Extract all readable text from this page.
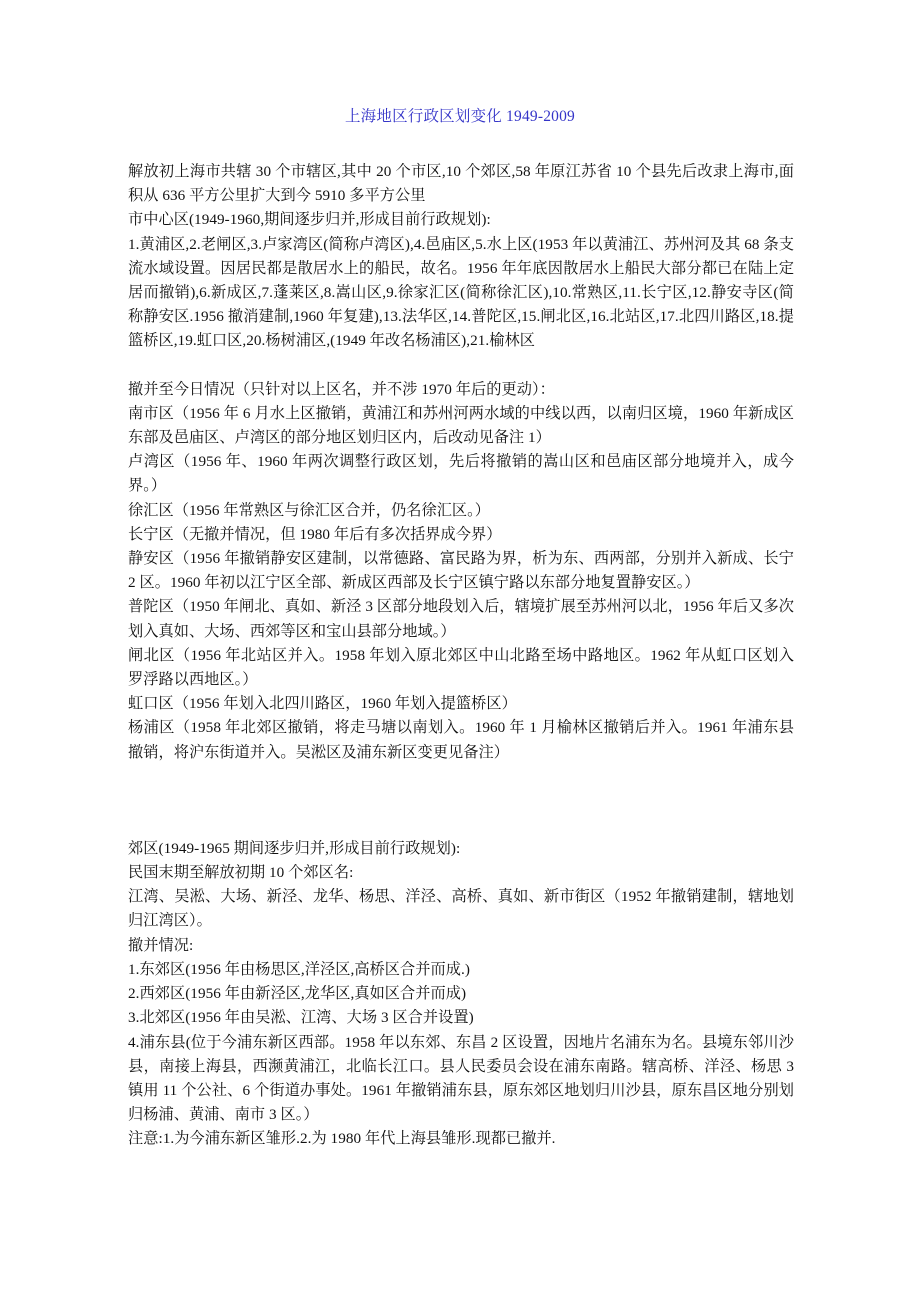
上海地区行政区划变化 1949-2009

解放初上海市共辖 30 个市辖区,其中 20 个市区,10 个郊区,58 年原江苏省 10 个县先后改隶上海市,面积从 636 平方公里扩大到今 5910 多平方公里

市中心区(1949-1960,期间逐步归并,形成目前行政规划):

1.黄浦区,2.老闸区,3.卢家湾区(简称卢湾区),4.邑庙区,5.水上区(1953 年以黄浦江、苏州河及其 68 条支流水域设置。因居民都是散居水上的船民，故名。1956 年年底因散居水上船民大部分都已在陆上定居而撤销),6.新成区,7.蓬莱区,8.嵩山区,9.徐家汇区(简称徐汇区),10.常熟区,11.长宁区,12.静安寺区(简称静安区.1956 撤消建制,1960 年复建),13.法华区,14.普陀区,15.闸北区,16.北站区,17.北四川路区,18.提篮桥区,19.虹口区,20.杨树浦区,(1949 年改名杨浦区),21.榆林区

撤并至今日情况（只针对以上区名，并不涉 1970 年后的更动）：

南市区（1956 年 6 月水上区撤销，黄浦江和苏州河两水域的中线以西，以南归区境，1960 年新成区东部及邑庙区、卢湾区的部分地区划归区内，后改动见备注 1）

卢湾区（1956 年、1960 年两次调整行政区划，先后将撤销的嵩山区和邑庙区部分地境并入，成今界。）

徐汇区（1956 年常熟区与徐汇区合并，仍名徐汇区。）

长宁区（无撤并情况，但 1980 年后有多次括界成今界）

静安区（1956 年撤销静安区建制，以常德路、富民路为界，析为东、西两部，分别并入新成、长宁 2 区。1960 年初以江宁区全部、新成区西部及长宁区镇宁路以东部分地复置静安区。）

普陀区（1950 年闸北、真如、新泾 3 区部分地段划入后，辖境扩展至苏州河以北，1956 年后又多次划入真如、大场、西郊等区和宝山县部分地域。）

闸北区（1956 年北站区并入。1958 年划入原北郊区中山北路至场中路地区。1962 年从虹口区划入罗浮路以西地区。）

虹口区（1956 年划入北四川路区，1960 年划入提篮桥区）

杨浦区（1958 年北郊区撤销，将走马塘以南划入。1960 年 1 月榆林区撤销后并入。1961 年浦东县撤销，将沪东街道并入。吴淞区及浦东新区变更见备注）

郊区(1949-1965 期间逐步归并,形成目前行政规划):

民国末期至解放初期 10 个郊区名:

江湾、吴淞、大场、新泾、龙华、杨思、洋泾、高桥、真如、新市街区（1952 年撤销建制，辖地划归江湾区）。

撤并情况:

1.东郊区(1956 年由杨思区,洋泾区,高桥区合并而成.)

2.西郊区(1956 年由新泾区,龙华区,真如区合并而成)

3.北郊区(1956 年由吴淞、江湾、大场 3 区合并设置)

4.浦东县(位于今浦东新区西部。1958 年以东郊、东昌 2 区设置，因地片名浦东为名。县境东邻川沙县，南接上海县，西濒黄浦江，北临长江口。县人民委员会设在浦东南路。辖高桥、洋泾、杨思 3 镇用 11 个公社、6 个街道办事处。1961 年撤销浦东县，原东郊区地划归川沙县，原东昌区地分别划归杨浦、黄浦、南市 3 区。）

注意:1.为今浦东新区雏形.2.为 1980 年代上海县雏形.现都已撤并.
